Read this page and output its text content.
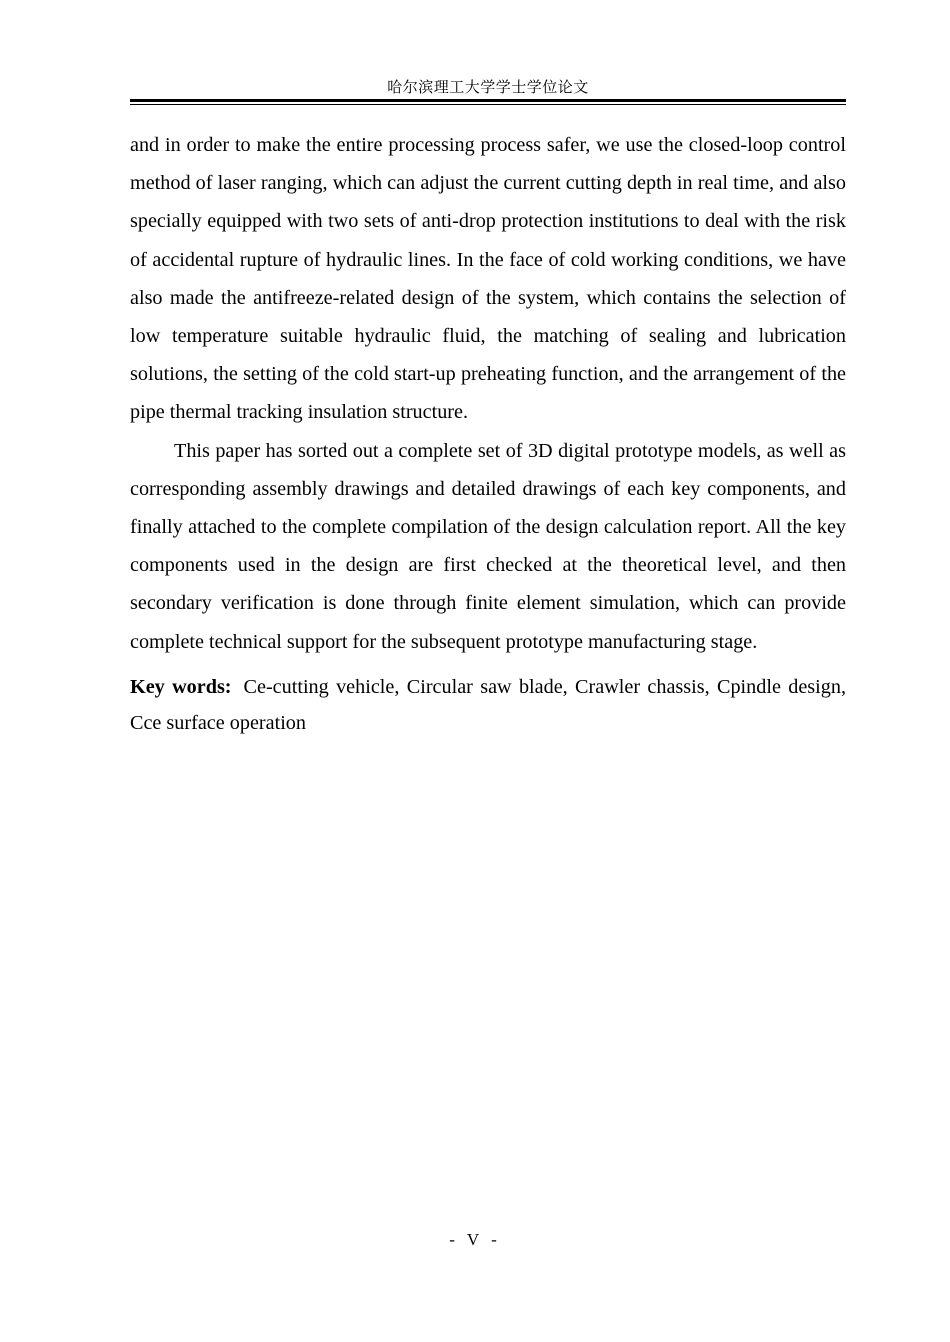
哈尔滨理工大学学士学位论文

and in order to make the entire processing process safer, we use the closed-loop control method of laser ranging, which can adjust the current cutting depth in real time, and also specially equipped with two sets of anti-drop protection institutions to deal with the risk of accidental rupture of hydraulic lines. In the face of cold working conditions, we have also made the antifreeze-related design of the system, which contains the selection of low temperature suitable hydraulic fluid, the matching of sealing and lubrication solutions, the setting of the cold start-up preheating function, and the arrangement of the pipe thermal tracking insulation structure.

This paper has sorted out a complete set of 3D digital prototype models, as well as corresponding assembly drawings and detailed drawings of each key components, and finally attached to the complete compilation of the design calculation report. All the key components used in the design are first checked at the theoretical level, and then secondary verification is done through finite element simulation, which can provide complete technical support for the subsequent prototype manufacturing stage.

Key words: Ce-cutting vehicle, Circular saw blade, Crawler chassis, Cpindle design, Cce surface operation

- V -
